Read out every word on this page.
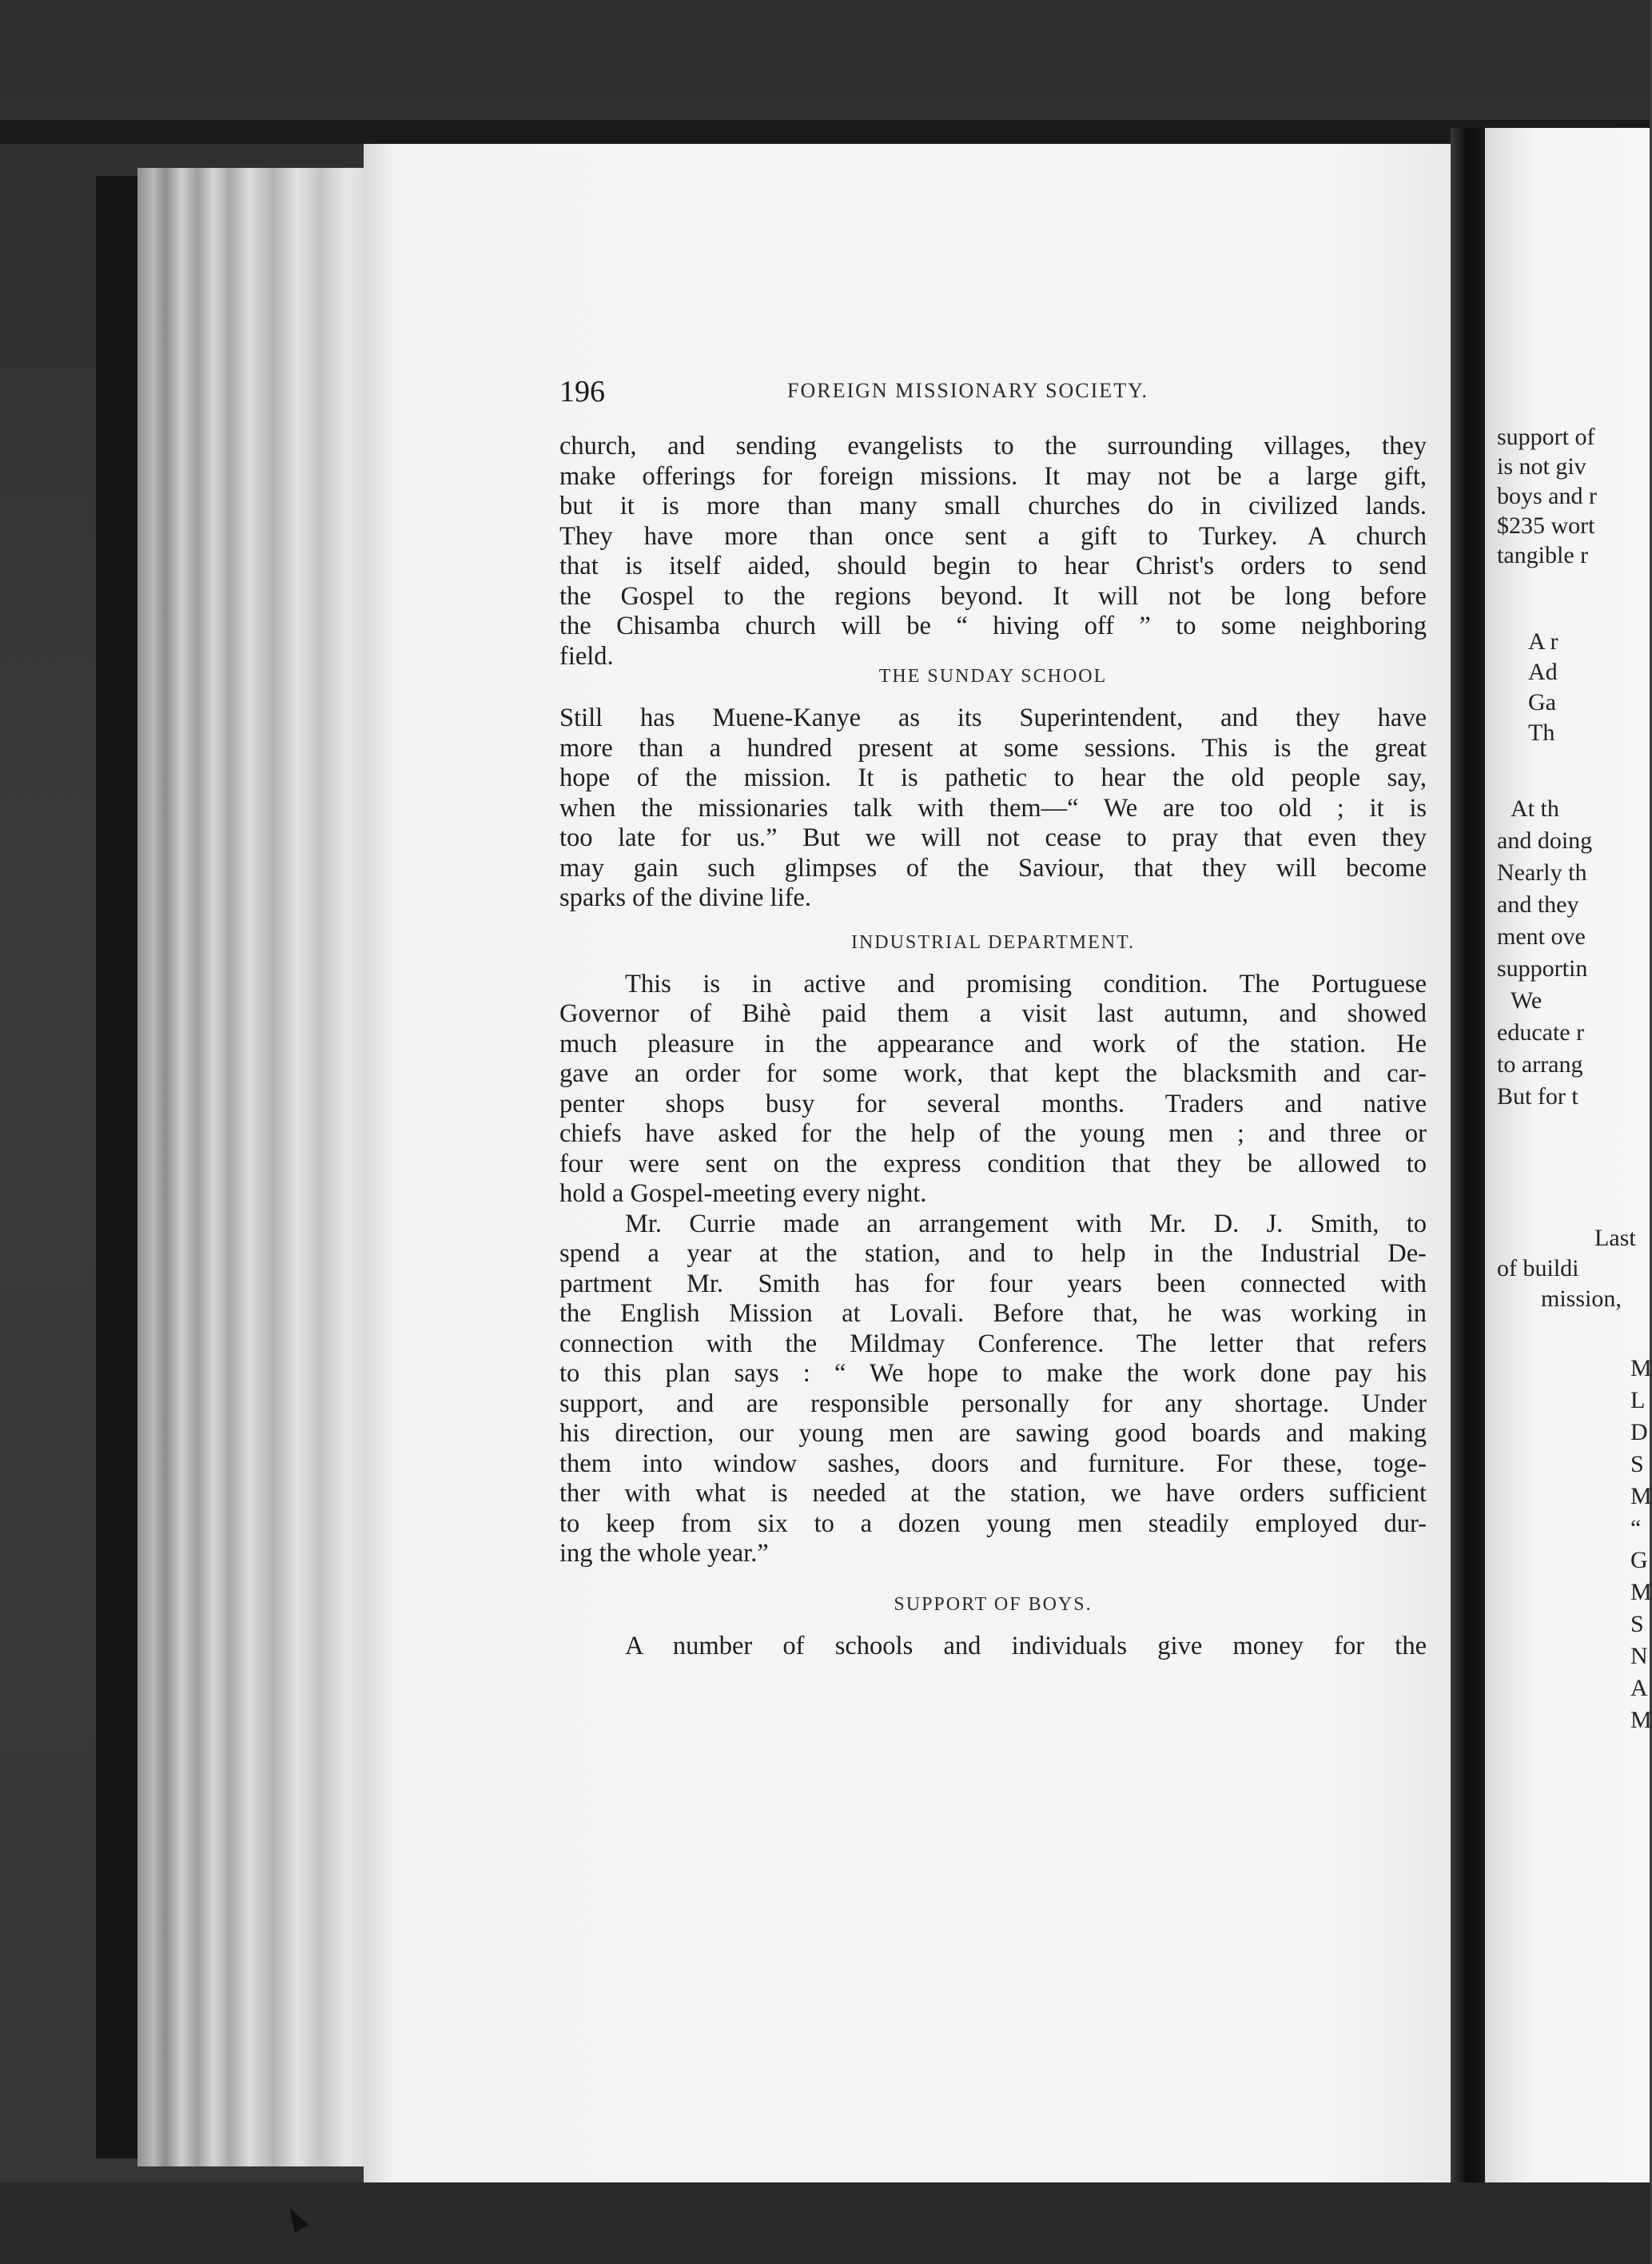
196	FOREIGN MISSIONARY SOCIETY.
church, and sending evangelists to the surrounding villages, they
make offerings for foreign missions. It may not be a large gift,
but it is more than many small churches do in civilized lands.
They have more than once sent a gift to Turkey. A church
that is itself aided, should begin to hear Christ's orders to send
the Gospel to the regions beyond. It will not be long before
the Chisamba church will be “ hiving off ” to some neighboring
field.
THE SUNDAY SCHOOL
Still has Muene-Kanye as its Superintendent, and they have
more than a hundred present at some sessions. This is the great
hope of the mission. It is pathetic to hear the old people say,
when the missionaries talk with them—“ We are too old ; it is
too late for us.” But we will not cease to pray that even they
may gain such glimpses of the Saviour, that they will become
sparks of the divine life.
INDUSTRIAL DEPARTMENT.
This is in active and promising condition. The Portuguese
Governor of Bihè paid them a visit last autumn, and showed
much pleasure in the appearance and work of the station. He
gave an order for some work, that kept the blacksmith and car-
penter shops busy for several months. Traders and native
chiefs have asked for the help of the young men ; and three or
four were sent on the express condition that they be allowed to
hold a Gospel-meeting every night.
Mr. Currie made an arrangement with Mr. D. J. Smith, to
spend a year at the station, and to help in the Industrial De-
partment Mr. Smith has for four years been connected with
the English Mission at Lovali. Before that, he was working in
connection with the Mildmay Conference. The letter that refers
to this plan says : “ We hope to make the work done pay his
support, and are responsible personally for any shortage. Under
his direction, our young men are sawing good boards and making
them into window sashes, doors and furniture. For these, toge-
ther with what is needed at the station, we have orders sufficient
to keep from six to a dozen young men steadily employed dur-
ing the whole year.”
SUPPORT OF BOYS.
A number of schools and individuals give money for the
support of
is not giv
boys and r
$235 wort
tangible r
A r
Ad
Ga
Th
At th
and doing
Nearly th
and they
ment ove
supportin
We
educate r
to arrang
But for t
Last
of buildi
mission,
M
L
D
S
M
“
G
M
S
N
A
M
